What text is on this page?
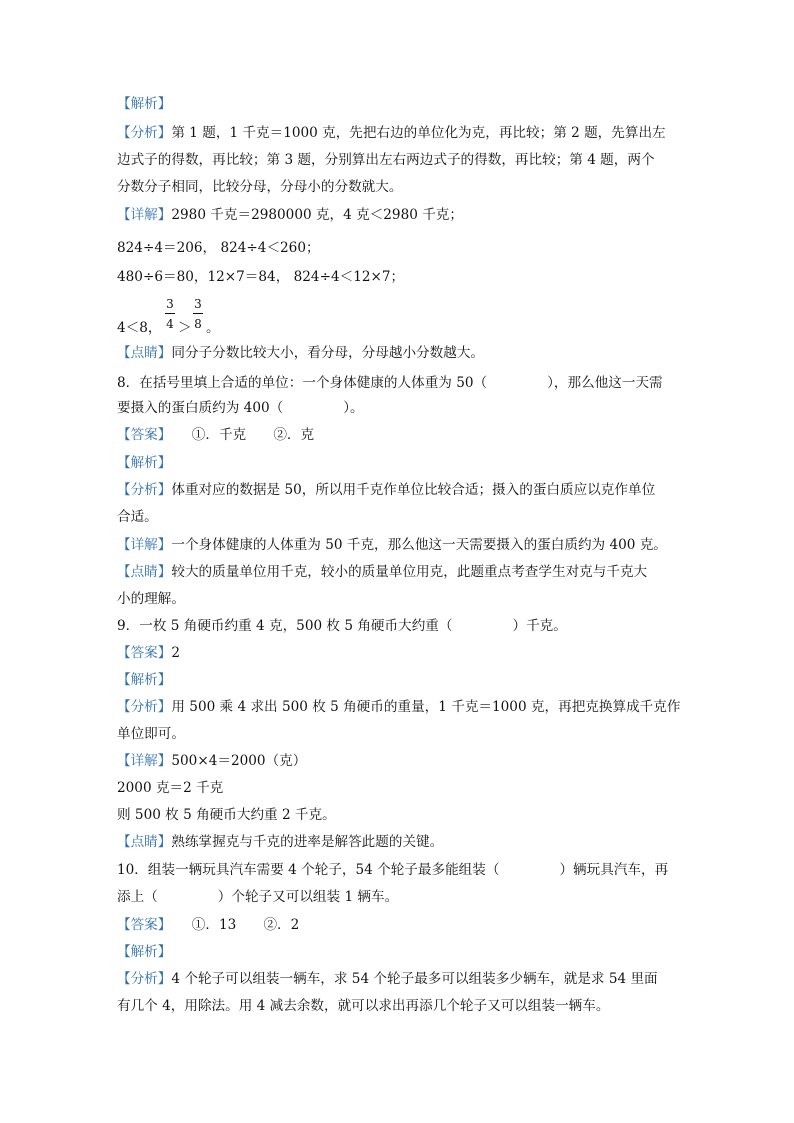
【解析】
【分析】第 1 题，1 千克＝1000 克，先把右边的单位化为克，再比较；第 2 题，先算出左
边式子的得数，再比较；第 3 题，分别算出左右两边式子的得数，再比较；第 4 题，两个
分数分子相同，比较分母，分母小的分数就大。
【详解】2980 千克＝2980000 克，4 克＜2980 千克；
824÷4＝206， 824÷4＜260；
480÷6＝80，12×7＝84， 824÷4＜12×7；
4＜8，
3
4 ＞
3
8 。
【点睛】同分子分数比较大小，看分母，分母越小分数越大。
8．在括号里填上合适的单位：一个身体健康的人体重为 50（	），那么他这一天需
要摄入的蛋白质约为 400（	）。
【答案】　　 ①．千克　　②．克
【解析】
【分析】体重对应的数据是 50，所以用千克作单位比较合适；摄入的蛋白质应以克作单位
合适。
【详解】一个身体健康的人体重为 50 千克，那么他这一天需要摄入的蛋白质约为 400 克。
【点睛】较大的质量单位用千克，较小的质量单位用克，此题重点考查学生对克与千克大
小的理解。
9．一枚 5 角硬币约重 4 克，500 枚 5 角硬币大约重（	）千克。
【答案】2
【解析】
【分析】用 500 乘 4 求出 500 枚 5 角硬币的重量，1 千克＝1000 克，再把克换算成千克作
单位即可。
【详解】500×4＝2000（克）
2000 克＝2 千克
则 500 枚 5 角硬币大约重 2 千克。
【点睛】熟练掌握克与千克的进率是解答此题的关键。
10．组装一辆玩具汽车需要 4 个轮子，54 个轮子最多能组装（	）辆玩具汽车，再
添上（	）个轮子又可以组装 1 辆车。
【答案】　　 ①．13　　②．2
【解析】
【分析】4 个轮子可以组装一辆车，求 54 个轮子最多可以组装多少辆车，就是求 54 里面
有几个 4，用除法。用 4 减去余数，就可以求出再添几个轮子又可以组装一辆车。
